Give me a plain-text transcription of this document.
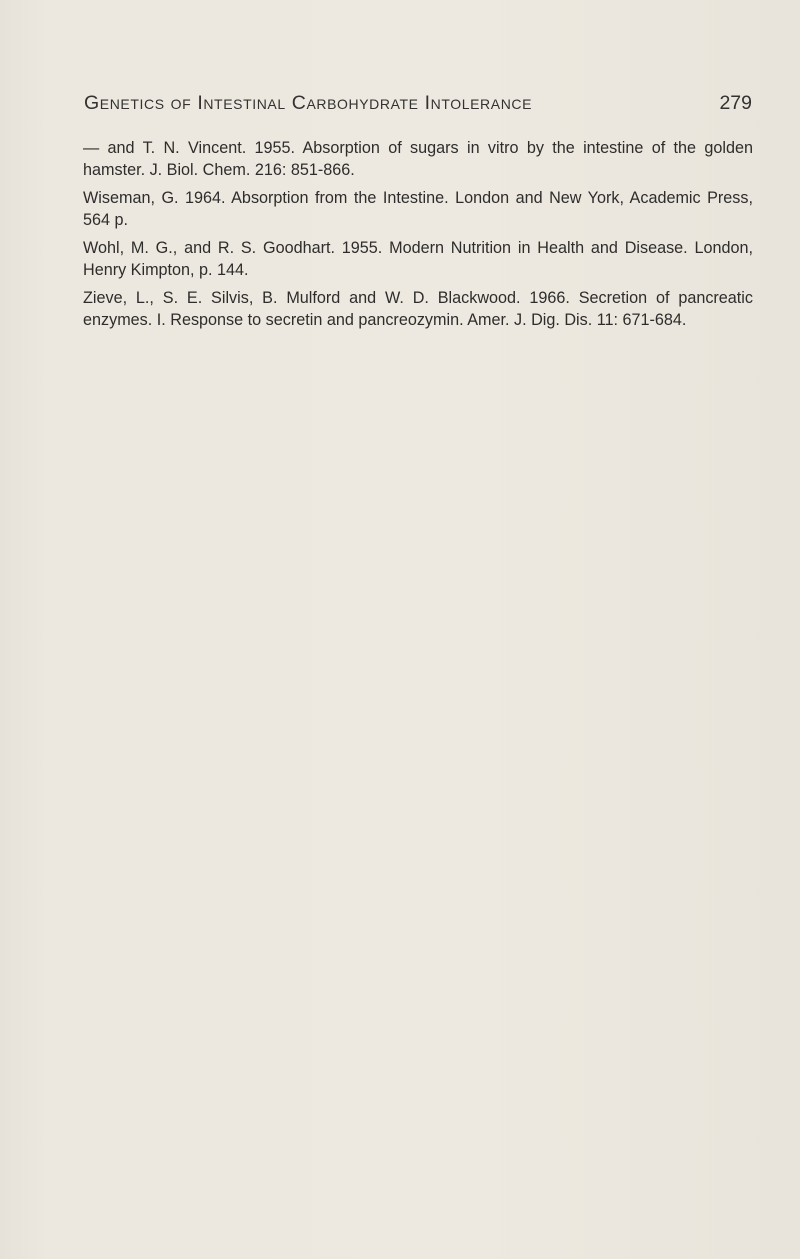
Genetics of Intestinal Carbohydrate Intolerance	279
— and T. N. Vincent. 1955. Absorption of sugars in vitro by the intestine of the golden hamster. J. Biol. Chem. 216: 851-866.
Wiseman, G. 1964. Absorption from the Intestine. London and New York, Academic Press, 564 p.
Wohl, M. G., and R. S. Goodhart. 1955. Modern Nutrition in Health and Disease. London, Henry Kimpton, p. 144.
Zieve, L., S. E. Silvis, B. Mulford and W. D. Blackwood. 1966. Secretion of pancreatic enzymes. I. Response to secretin and pancreozymin. Amer. J. Dig. Dis. 11: 671-684.
